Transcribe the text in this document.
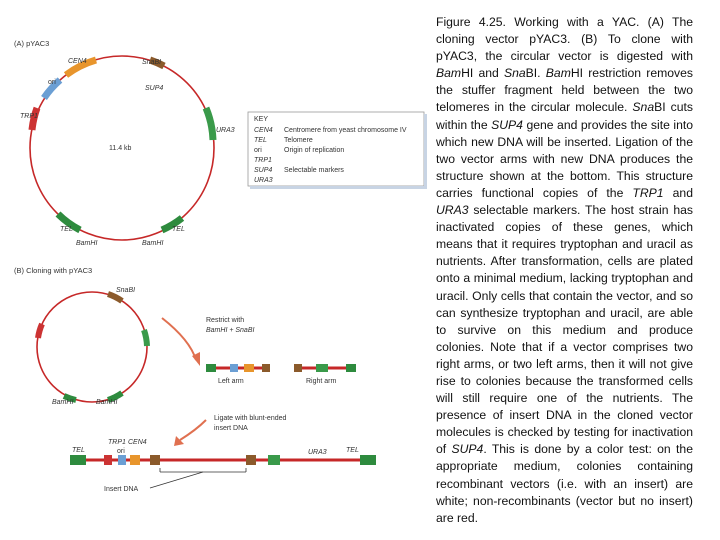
(A) pYAC3
CEN4	SnaBI
SUP4
ori
TRP1
URA3
11.4 kb
TEL	TEL
BamHI	BamHI
KEY
CEN4 Centromere from yeast chromosome IV
TEL Telomere
ori	Origin of replication
TRP1
SUP4 Selectable markers
URA3
(B) Cloning with pYAC3
SnaBI
BamHI	BamHI
Restrict with
BamHI + SnaBI
Left arm	Right arm
Ligate with blunt-ended
insert DNA
TEL
TRP1
ori
CEN4
URA3	TEL
Insert DNA
Figure 4.25. Working with a YAC. (A) The cloning vector pYAC3. (B) To clone with pYAC3, the circular vector is digested with BamHI and SnaBI. BamHI restriction removes the stuffer fragment held between the two telomeres in the circular molecule. SnaBI cuts within the SUP4 gene and provides the site into which new DNA will be inserted. Ligation of the two vector arms with new DNA produces the structure shown at the bottom. This structure carries functional copies of the TRP1 and URA3 selectable markers. The host strain has inactivated copies of these genes, which means that it requires tryptophan and uracil as nutrients. After transformation, cells are plated onto a minimal medium, lacking tryptophan and uracil. Only cells that contain the vector, and so can synthesize tryptophan and uracil, are able to survive on this medium and produce colonies. Note that if a vector comprises two right arms, or two left arms, then it will not give rise to colonies because the transformed cells will still require one of the nutrients. The presence of insert DNA in the cloned vector molecules is checked by testing for inactivation of SUP4. This is done by a color test: on the appropriate medium, colonies containing recombinant vectors (i.e. with an insert) are white; non-recombinants (vector but no insert) are red.
